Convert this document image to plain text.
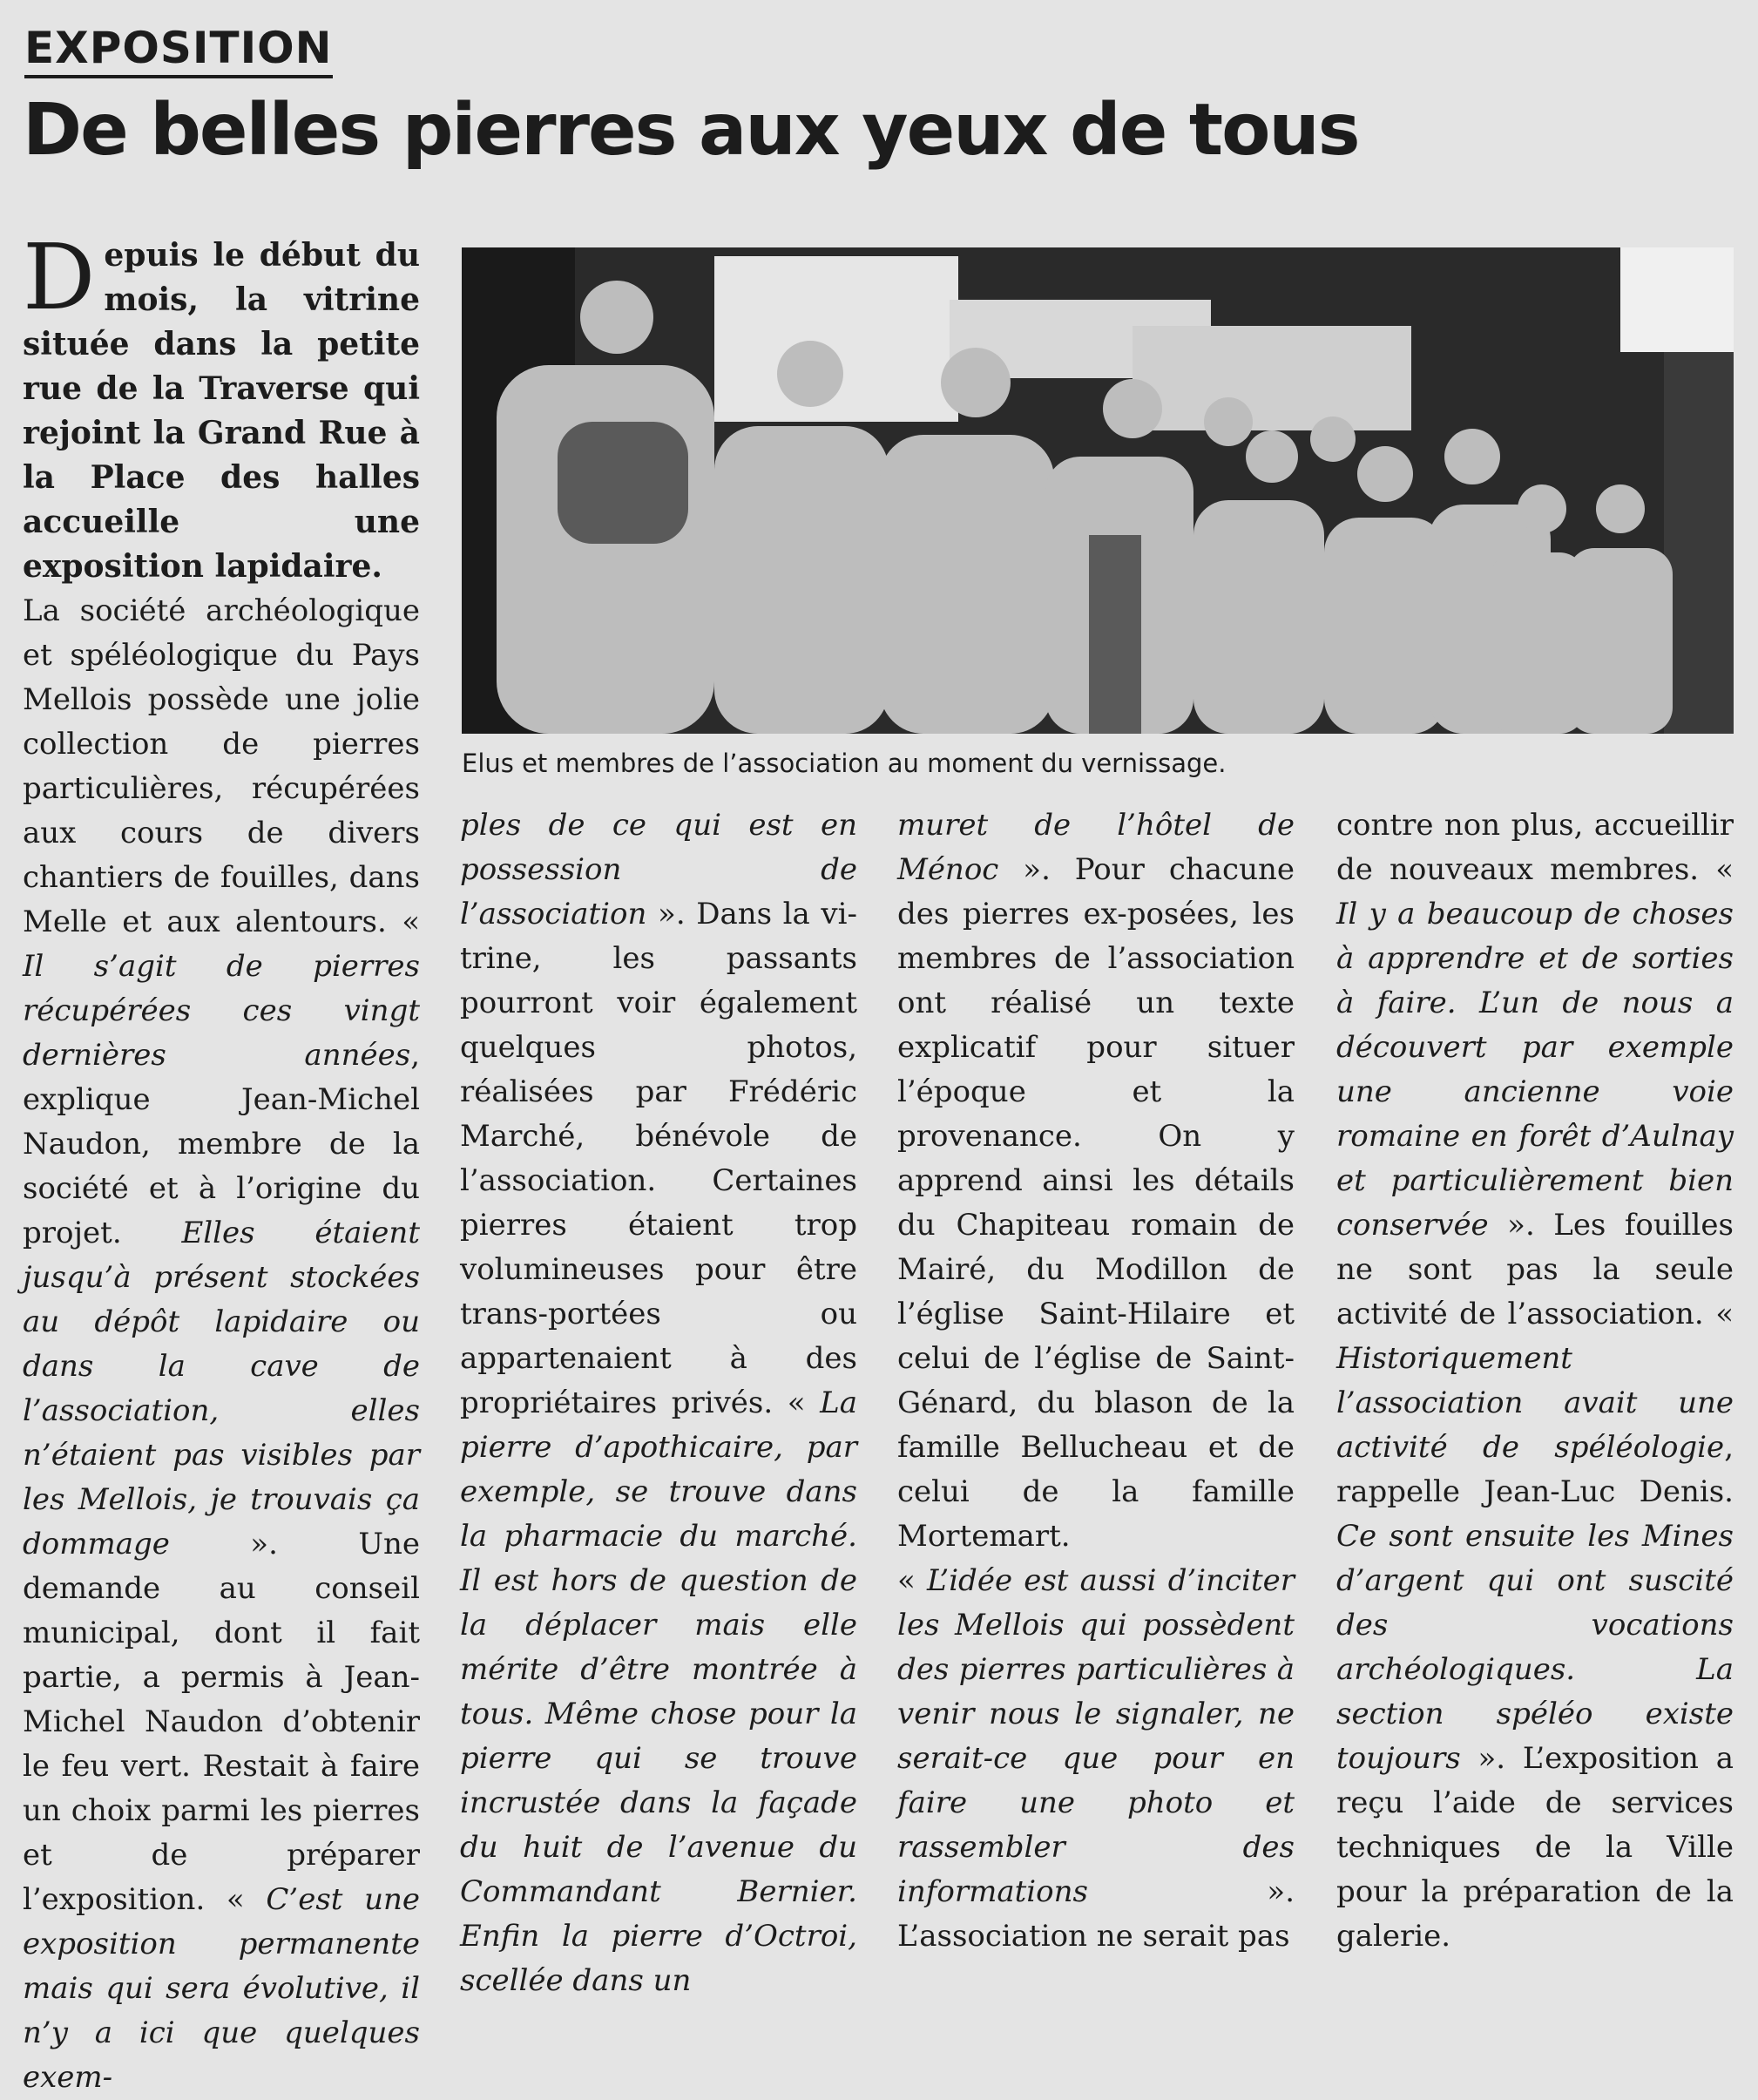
EXPOSITION
De belles pierres aux yeux de tous

Depuis le début du mois, la vitrine située dans la petite rue de la Traverse qui rejoint la Grand Rue à la Place des halles accueille une exposition lapidaire.

La société archéologique et spéléologique du Pays Mellois possède une jolie collection de pierres particulières, récupérées aux cours de divers chantiers de fouilles, dans Melle et aux alentours. « Il s’agit de pierres récupérées ces vingt dernières années, explique Jean-Michel Naudon, membre de la société et à l’origine du projet. Elles étaient jusqu’à présent stockées au dépôt lapidaire ou dans la cave de l’association, elles n’étaient pas visibles par les Mellois, je trouvais ça dommage ». Une demande au conseil municipal, dont il fait partie, a permis à Jean-Michel Naudon d’obtenir le feu vert. Restait à faire un choix parmi les pierres et de préparer l’exposition. « C’est une exposition permanente mais qui sera évolutive, il n’y a ici que quelques exem-

Elus et membres de l’association au moment du vernissage.

ples de ce qui est en possession de l’association ». Dans la vi-trine, les passants pourront voir également quelques photos, réalisées par Frédéric Marché, bénévole de l’association. Certaines pierres étaient trop volumineuses pour être trans-portées ou appartenaient à des propriétaires privés. « La pierre d’apothicaire, par exemple, se trouve dans la pharmacie du marché. Il est hors de question de la déplacer mais elle mérite d’être montrée à tous. Même chose pour la pierre qui se trouve incrustée dans la façade du huit de l’avenue du Commandant Bernier. Enfin la pierre d’Octroi, scellée dans un

muret de l’hôtel de Ménoc ». Pour chacune des pierres ex-posées, les membres de l’association ont réalisé un texte explicatif pour situer l’époque et la provenance. On y apprend ainsi les détails du Chapiteau romain de Mairé, du Modillon de l’église Saint-Hilaire et celui de l’église de Saint-Génard, du blason de la famille Bellucheau et de celui de la famille Mortemart.

« L’idée est aussi d’inciter les Mellois qui possèdent des pierres particulières à venir nous le signaler, ne serait-ce que pour en faire une photo et rassembler des informations ». L’association ne serait pas

contre non plus, accueillir de nouveaux membres. « Il y a beaucoup de choses à apprendre et de sorties à faire. L’un de nous a découvert par exemple une ancienne voie romaine en forêt d’Aulnay et particulièrement bien conservée ». Les fouilles ne sont pas la seule activité de l’association. « Historiquement l’association avait une activité de spéléologie, rappelle Jean-Luc Denis. Ce sont ensuite les Mines d’argent qui ont suscité des vocations archéologiques. La section spéléo existe toujours ». L’exposition a reçu l’aide de services techniques de la Ville pour la préparation de la galerie.
